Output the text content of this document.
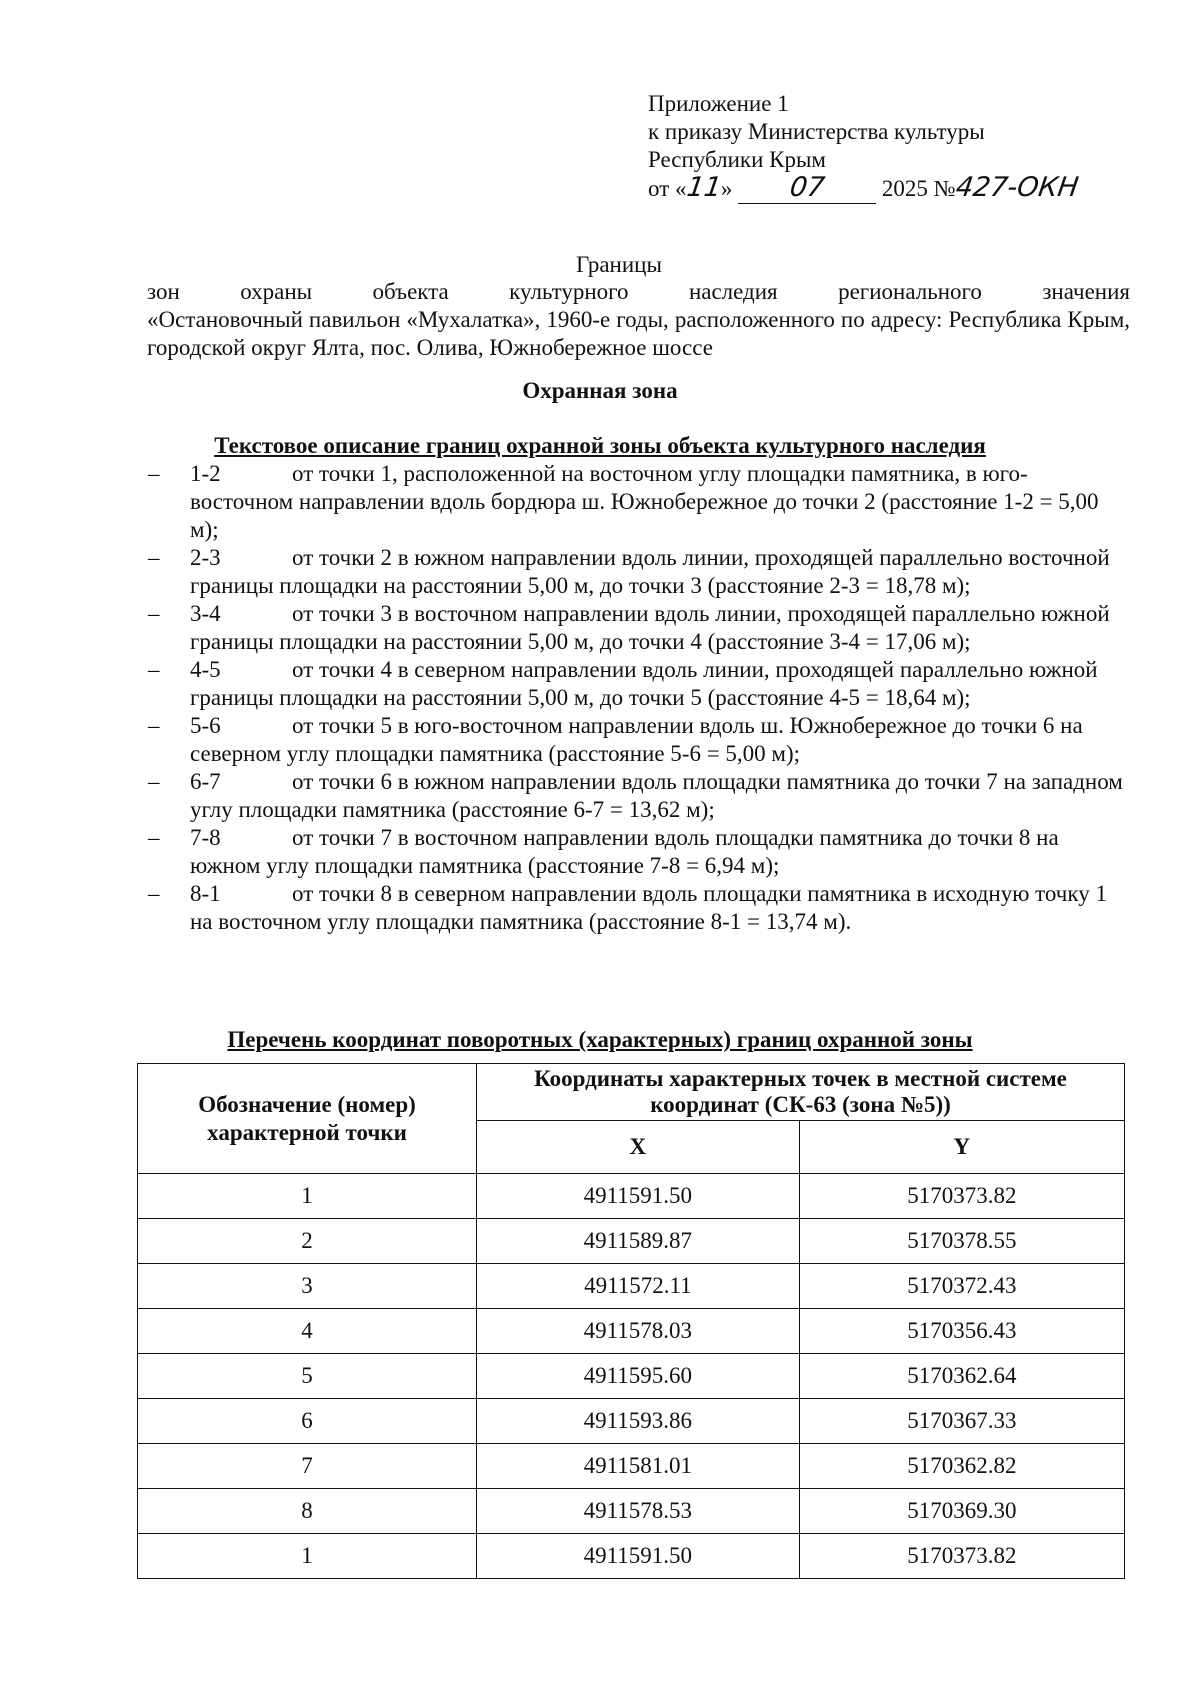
Приложение 1
к приказу Министерства культуры
Республики Крым
от «11» 07 2025 №427-ОКН
Границы
зон	охраны	объекта	культурного	наследия	регионального	значения
«Остановочный павильон «Мухалатка», 1960-е годы, расположенного по адресу: Республика Крым, городской округ Ялта, пос. Олива, Южнобережное шоссе
Охранная зона
Текстовое описание границ охранной зоны объекта культурного наследия
– 1-2	от точки 1, расположенной на восточном углу площадки памятника, в юго-восточном направлении вдоль бордюра ш. Южнобережное до точки 2 (расстояние 1-2 = 5,00 м);
– 2-3	от точки 2 в южном направлении вдоль линии, проходящей параллельно восточной границы площадки на расстоянии 5,00 м, до точки 3 (расстояние 2-3 = 18,78 м);
– 3-4	от точки 3 в восточном направлении вдоль линии, проходящей параллельно южной границы площадки на расстоянии 5,00 м, до точки 4 (расстояние 3-4 = 17,06 м);
– 4-5	от точки 4 в северном направлении вдоль линии, проходящей параллельно южной границы площадки на расстоянии 5,00 м, до точки 5 (расстояние 4-5 = 18,64 м);
– 5-6	от точки 5 в юго-восточном направлении вдоль ш. Южнобережное до точки 6 на северном углу площадки памятника (расстояние 5-6 = 5,00 м);
– 6-7	от точки 6 в южном направлении вдоль площадки памятника до точки 7 на западном углу площадки памятника (расстояние 6-7 = 13,62 м);
– 7-8	от точки 7 в восточном направлении вдоль площадки памятника до точки 8 на южном углу площадки памятника (расстояние 7-8 = 6,94 м);
– 8-1	от точки 8 в северном направлении вдоль площадки памятника в исходную точку 1 на восточном углу площадки памятника (расстояние 8-1 = 13,74 м).
Перечень координат поворотных (характерных) границ охранной зоны
Обозначение (номер)
характерной точки	Координаты характерных точек в местной системе координат (СК-63 (зона №5))	
	X	Y
1	4911591.50	5170373.82
2	4911589.87	5170378.55
3	4911572.11	5170372.43
4	4911578.03	5170356.43
5	4911595.60	5170362.64
6	4911593.86	5170367.33
7	4911581.01	5170362.82
8	4911578.53	5170369.30
1	4911591.50	5170373.82
